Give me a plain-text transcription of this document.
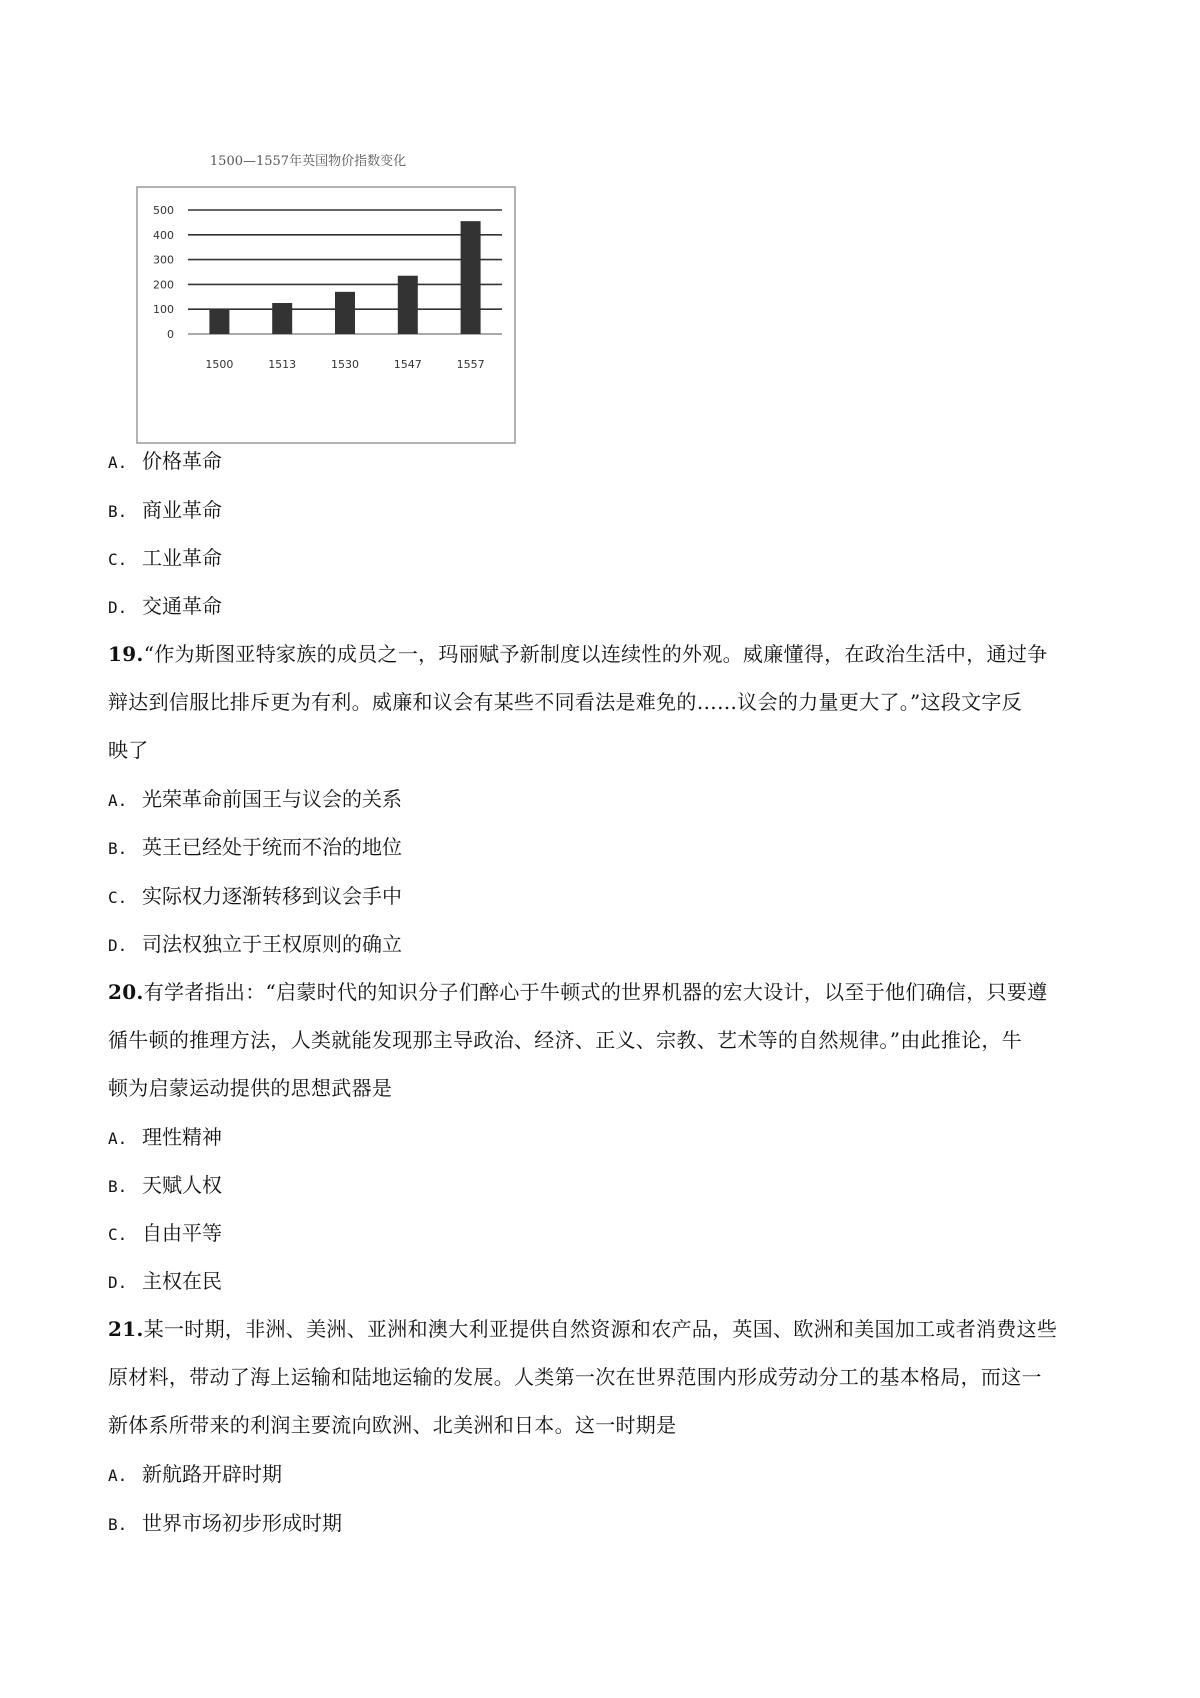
1500—1557年英国物价指数变化
0
100
200
300
400
500
1500	1513	1530	1547	1557
A. 价格革命
B. 商业革命
C. 工业革命
D. 交通革命
19.“作为斯图亚特家族的成员之一，玛丽赋予新制度以连续性的外观。威廉懂得，在政治生活中，通过争
辩达到信服比排斥更为有利。威廉和议会有某些不同看法是难免的……议会的力量更大了。”这段文字反
映了
A. 光荣革命前国王与议会的关系
B. 英王已经处于统而不治的地位
C. 实际权力逐渐转移到议会手中
D. 司法权独立于王权原则的确立
20.有学者指出：“启蒙时代的知识分子们醉心于牛顿式的世界机器的宏大设计，以至于他们确信，只要遵
循牛顿的推理方法，人类就能发现那主导政治、经济、正义、宗教、艺术等的自然规律。”由此推论，牛
顿为启蒙运动提供的思想武器是
A. 理性精神
B. 天赋人权
C. 自由平等
D. 主权在民
21.某一时期，非洲、美洲、亚洲和澳大利亚提供自然资源和农产品，英国、欧洲和美国加工或者消费这些
原材料，带动了海上运输和陆地运输的发展。人类第一次在世界范围内形成劳动分工的基本格局，而这一
新体系所带来的利润主要流向欧洲、北美洲和日本。这一时期是
A. 新航路开辟时期
B. 世界市场初步形成时期
